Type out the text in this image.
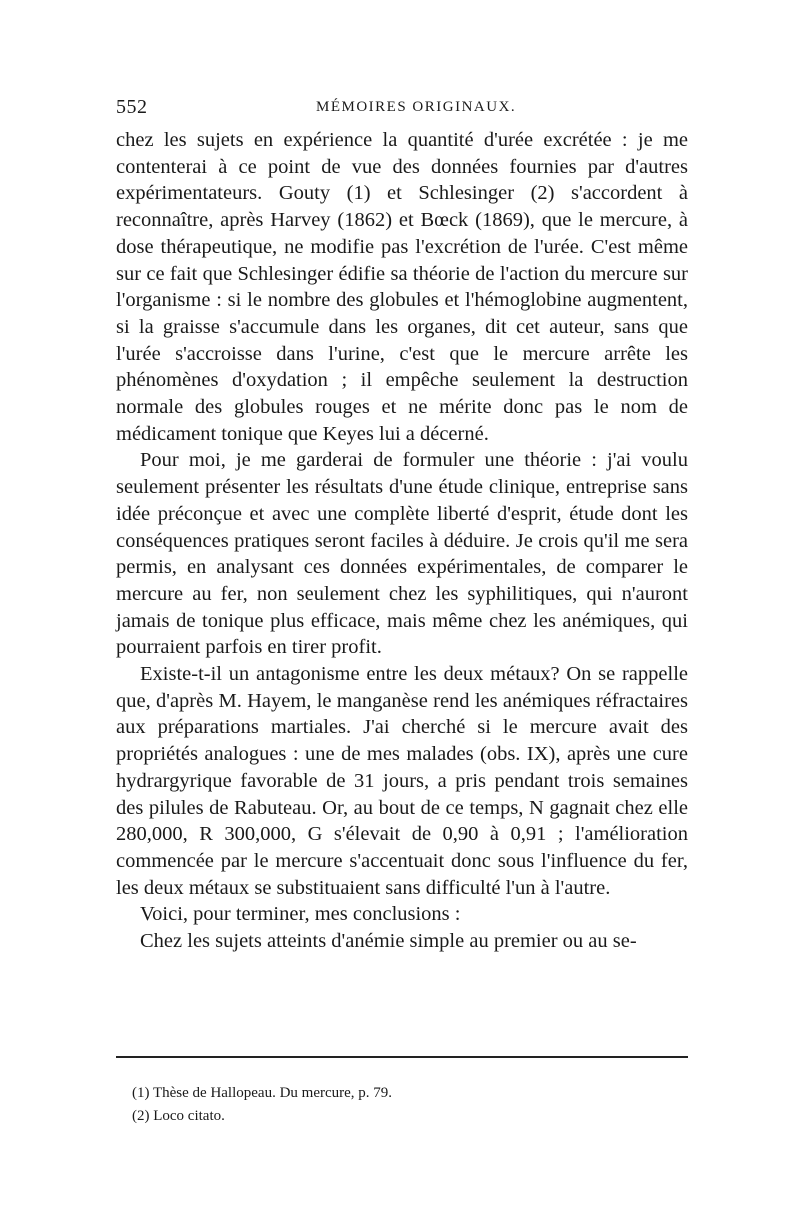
552	MÉMOIRES ORIGINAUX.

chez les sujets en expérience la quantité d'urée excrétée : je me contenterai à ce point de vue des données fournies par d'autres expérimentateurs. Gouty (1) et Schlesinger (2) s'accordent à reconnaître, après Harvey (1862) et Bœck (1869), que le mercure, à dose thérapeutique, ne modifie pas l'excrétion de l'urée. C'est même sur ce fait que Schlesinger édifie sa théorie de l'action du mercure sur l'organisme : si le nombre des globules et l'hémoglobine augmentent, si la graisse s'accumule dans les organes, dit cet auteur, sans que l'urée s'accroisse dans l'urine, c'est que le mercure arrête les phénomènes d'oxydation ; il empêche seulement la destruction normale des globules rouges et ne mérite donc pas le nom de médicament tonique que Keyes lui a décerné.

Pour moi, je me garderai de formuler une théorie : j'ai voulu seulement présenter les résultats d'une étude clinique, entreprise sans idée préconçue et avec une complète liberté d'esprit, étude dont les conséquences pratiques seront faciles à déduire. Je crois qu'il me sera permis, en analysant ces données expérimentales, de comparer le mercure au fer, non seulement chez les syphilitiques, qui n'auront jamais de tonique plus efficace, mais même chez les anémiques, qui pourraient parfois en tirer profit.

Existe-t-il un antagonisme entre les deux métaux? On se rappelle que, d'après M. Hayem, le manganèse rend les anémiques réfractaires aux préparations martiales. J'ai cherché si le mercure avait des propriétés analogues : une de mes malades (obs. IX), après une cure hydrargyrique favorable de 31 jours, a pris pendant trois semaines des pilules de Rabuteau. Or, au bout de ce temps, N gagnait chez elle 280,000, R 300,000, G s'élevait de 0,90 à 0,91 ; l'amélioration commencée par le mercure s'accentuait donc sous l'influence du fer, les deux métaux se substituaient sans difficulté l'un à l'autre.

Voici, pour terminer, mes conclusions :

Chez les sujets atteints d'anémie simple au premier ou au se-

(1) Thèse de Hallopeau. Du mercure, p. 79.

(2) Loco citato.
